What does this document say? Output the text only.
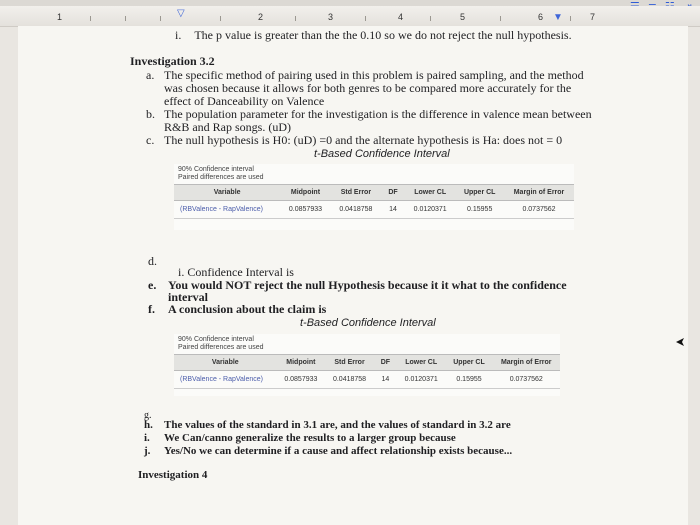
1	▽	2	3	4	5	6 ▼	7
i. The p value is greater than the the 0.10 so we do not reject the null hypothesis.
Investigation 3.2
a. The specific method of pairing used in this problem is paired sampling, and the method
was chosen because it allows for both genres to be compared more accurately for the
effect of Danceability on Valence
b. The population parameter for the investigation is the difference in valence mean between
R&B and Rap songs. (uD)
c. The null hypothesis is H0: (uD) =0 and the alternate hypothesis is Ha: does not = 0
t-Based Confidence Interval
90% Confidence interval
Paired differences are used
Variable	Midpoint	Std Error	DF	Lower CL	Upper CL	Margin of Error
(RBValence - RapValence)	0.0857933	0.0418758	14	0.0120371	0.15955	0.0737562
d.
i. Confidence Interval is
e. You would NOT reject the null Hypothesis because it it what to the confidence
interval
f. A conclusion about the claim is
t-Based Confidence Interval
90% Confidence interval
Paired differences are used
Variable	Midpoint	Std Error	DF	Lower CL	Upper CL	Margin of Error
(RBValence - RapValence)	0.0857933	0.0418758	14	0.0120371	0.15955	0.0737562
g.
h. The values of the standard in 3.1 are, and the values of standard in 3.2 are
i. We Can/canno generalize the results to a larger group because
j. Yes/No we can determine if a cause and affect relationship exists because...
Investigation 4
